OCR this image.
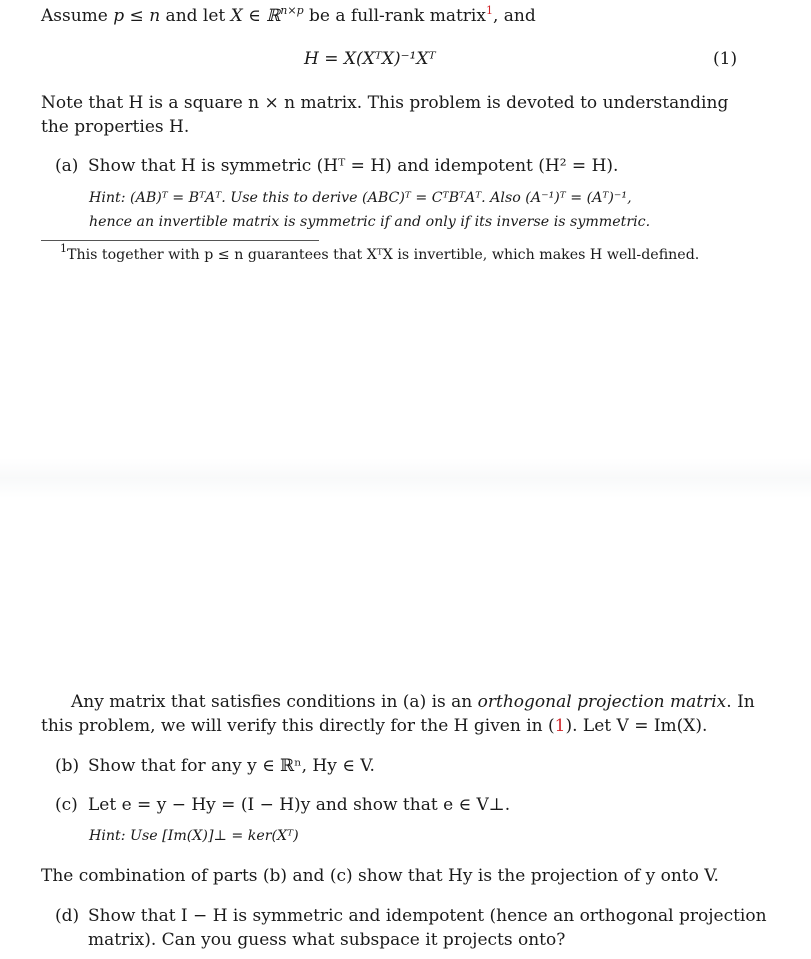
Assume p ≤ n and let X ∈ ℝ$^{n\times p}$ be a full-rank matrix$^1$, and
H = X(XᵀX)⁻¹Xᵀ	(1)
Note that H is a square n × n matrix. This problem is devoted to understanding
the properties H.
(a) Show that H is symmetric (Hᵀ = H) and idempotent (H² = H).
Hint: (AB)ᵀ = BᵀAᵀ. Use this to derive (ABC)ᵀ = CᵀBᵀAᵀ. Also (A⁻¹)ᵀ = (Aᵀ)⁻¹,
hence an invertible matrix is symmetric if and only if its inverse is symmetric.
$^1$This together with p ≤ n guarantees that XᵀX is invertible, which makes H well-defined.
Any matrix that satisfies conditions in (a) is an orthogonal projection matrix. In
this problem, we will verify this directly for the H given in (1). Let V = Im(X).
(b) Show that for any y ∈ ℝⁿ, Hy ∈ V.
(c) Let e = y − Hy = (I − H)y and show that e ∈ V⊥.
Hint: Use [Im(X)]⊥ = ker(Xᵀ)
The combination of parts (b) and (c) show that Hy is the projection of y onto V.
(d) Show that I − H is symmetric and idempotent (hence an orthogonal projection
matrix). Can you guess what subspace it projects onto?
